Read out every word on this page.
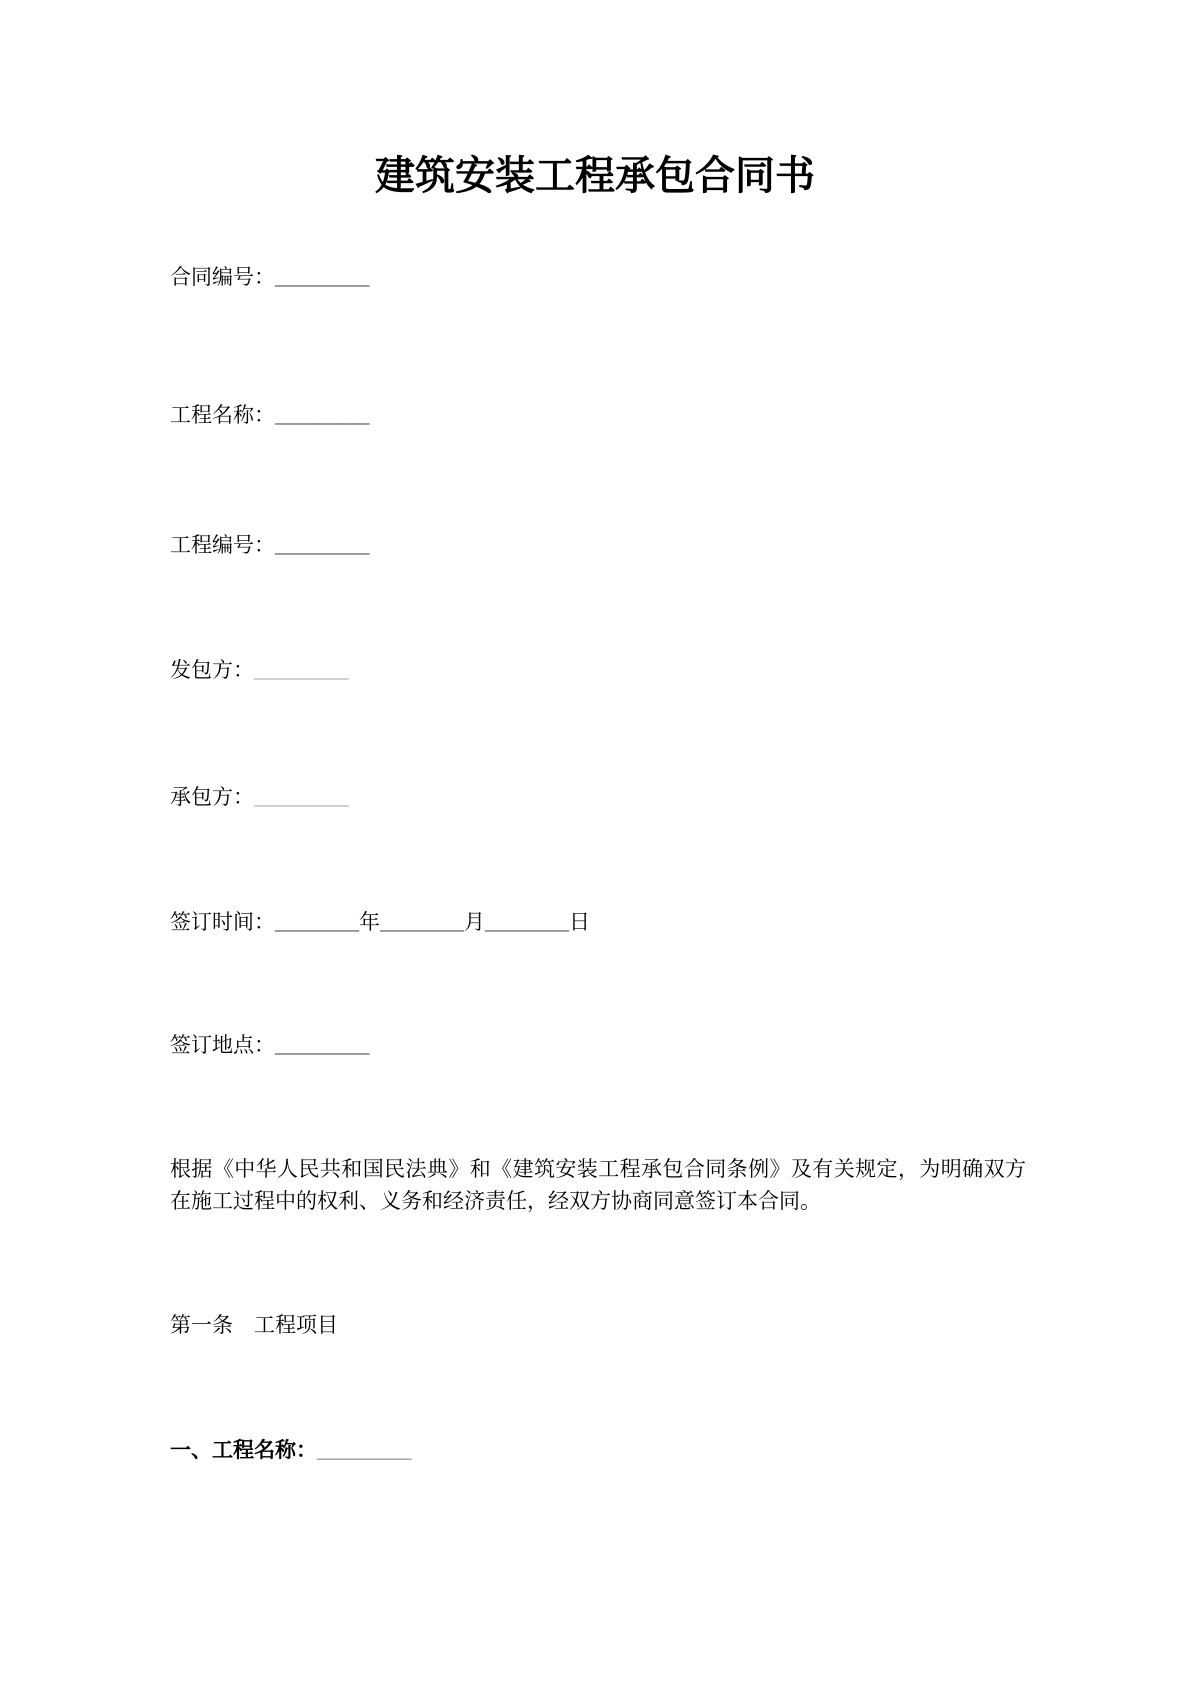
建筑安装工程承包合同书
合同编号：_________
工程名称：_________
工程编号：_________
发包方：_________
承包方：_________
签订时间：________年________月________日
签订地点：_________
根据《中华人民共和国民法典》和《建筑安装工程承包合同条例》及有关规定，为明确双方在施工过程中的权利、义务和经济责任，经双方协商同意签订本合同。
第一条　工程项目
一、工程名称：_________
